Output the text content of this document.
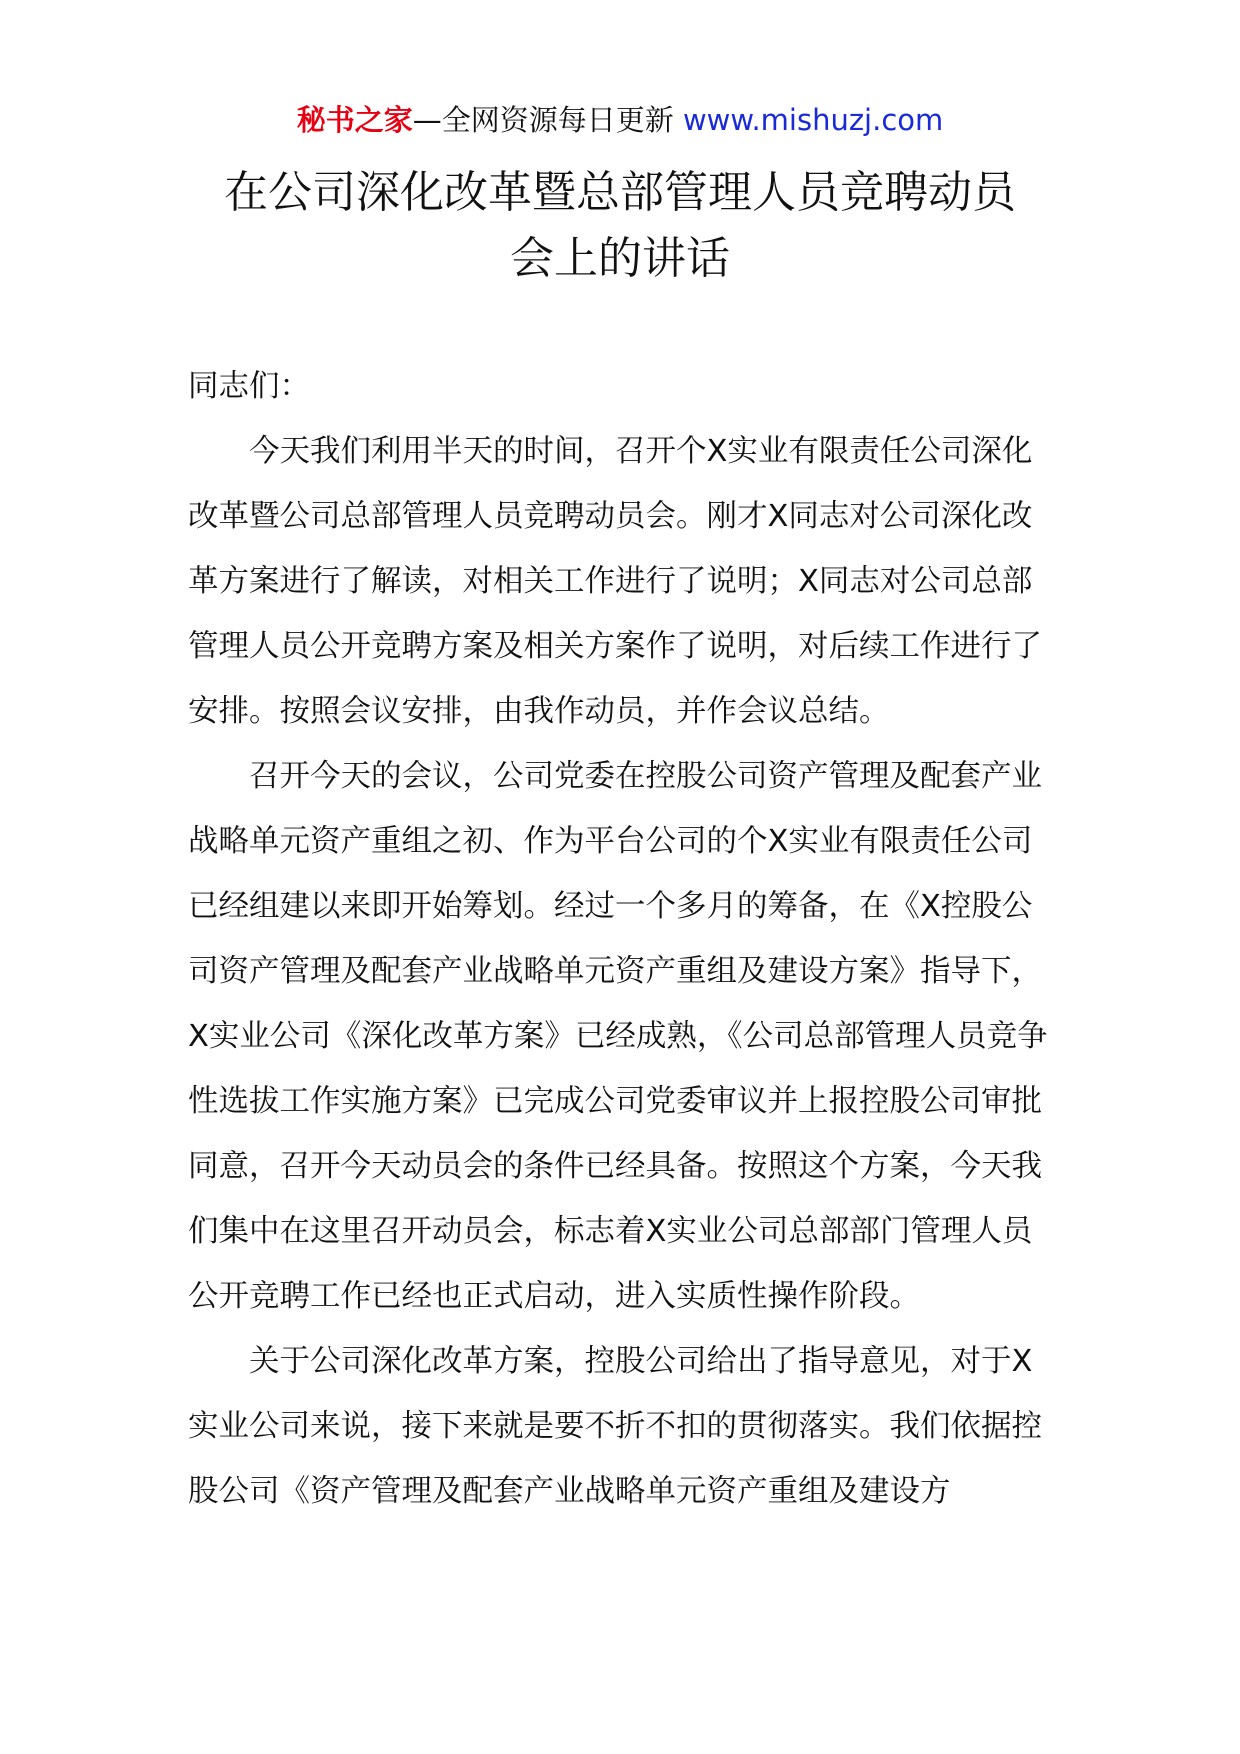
秘书之家—全网资源每日更新 www.mishuzj.com
在公司深化改革暨总部管理人员竞聘动员
会上的讲话

同志们：

今天我们利用半天的时间，召开个X实业有限责任公司深化改革暨公司总部管理人员竞聘动员会。刚才X同志对公司深化改革方案进行了解读，对相关工作进行了说明；X同志对公司总部管理人员公开竞聘方案及相关方案作了说明，对后续工作进行了安排。按照会议安排，由我作动员，并作会议总结。

召开今天的会议，公司党委在控股公司资产管理及配套产业战略单元资产重组之初、作为平台公司的个X实业有限责任公司已经组建以来即开始筹划。经过一个多月的筹备，在《X控股公司资产管理及配套产业战略单元资产重组及建设方案》指导下，X实业公司《深化改革方案》已经成熟，《公司总部管理人员竞争性选拔工作实施方案》已完成公司党委审议并上报控股公司审批同意，召开今天动员会的条件已经具备。按照这个方案，今天我们集中在这里召开动员会，标志着X实业公司总部部门管理人员公开竞聘工作已经也正式启动，进入实质性操作阶段。

关于公司深化改革方案，控股公司给出了指导意见，对于X实业公司来说，接下来就是要不折不扣的贯彻落实。我们依据控股公司《资产管理及配套产业战略单元资产重组及建设方
